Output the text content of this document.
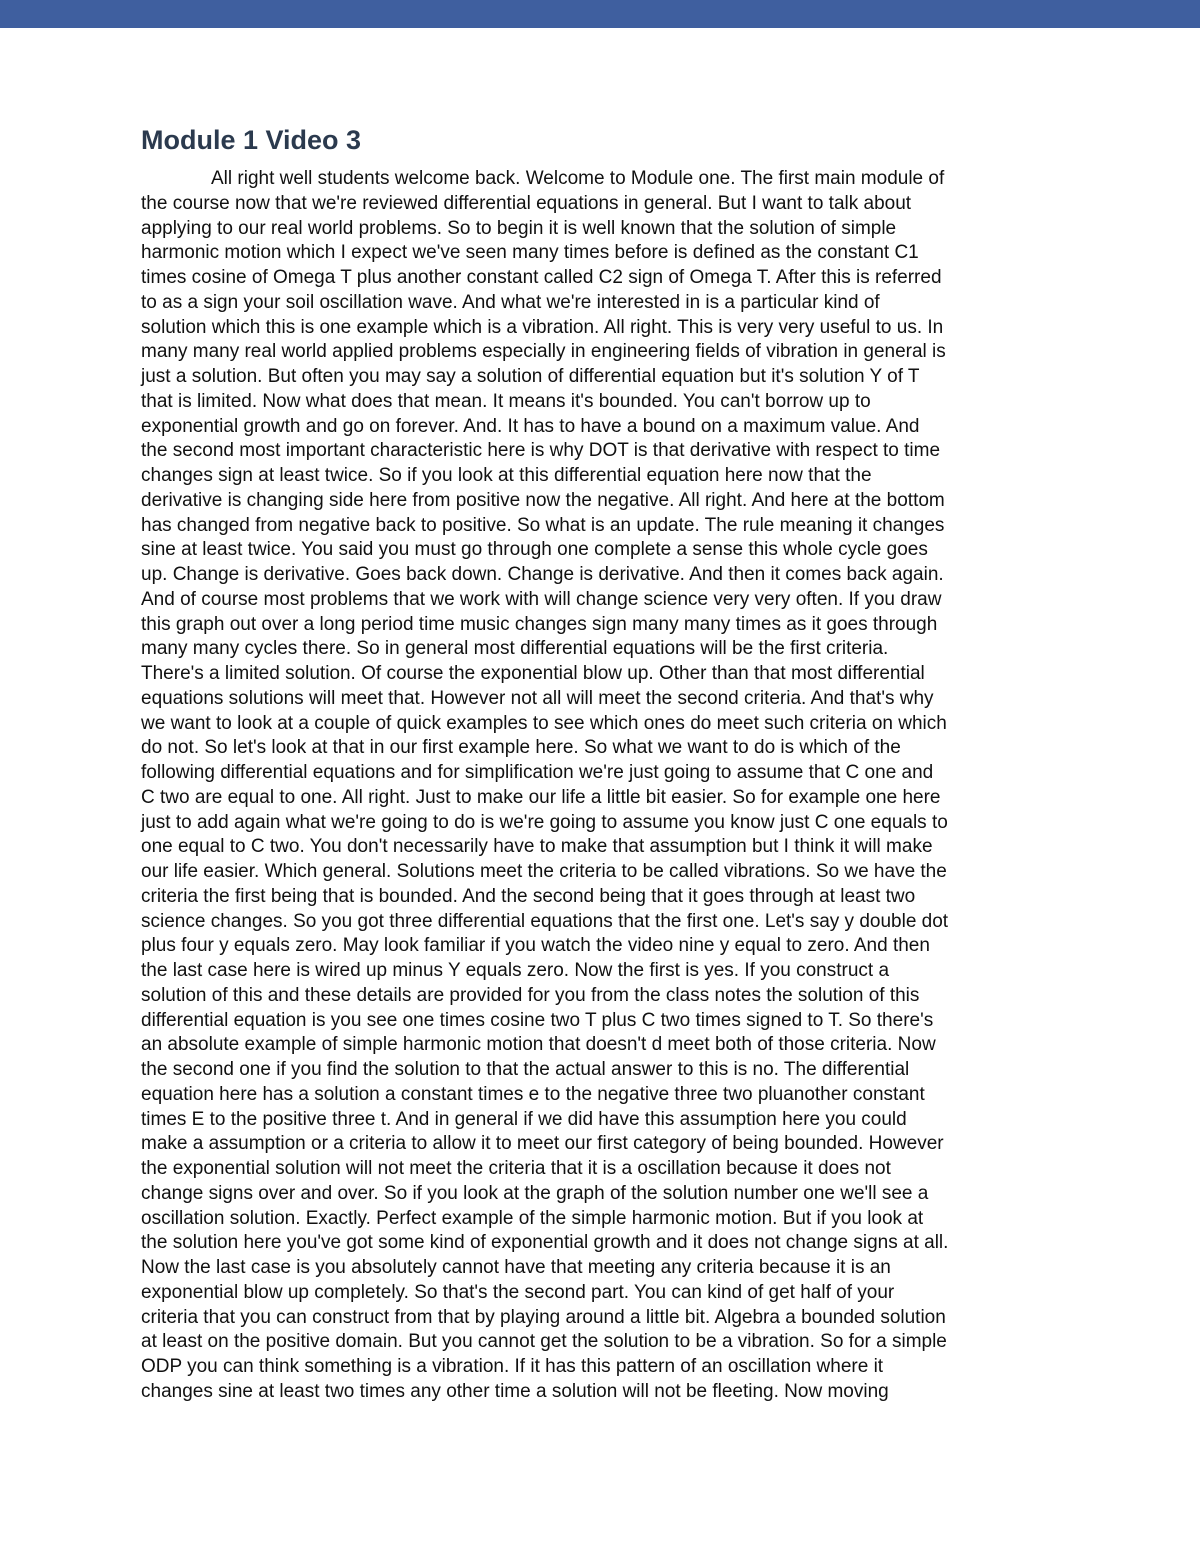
Module 1 Video 3
All right well students welcome back. Welcome to Module one. The first main module of
the course now that we're reviewed differential equations in general. But I want to talk about
applying to our real world problems. So to begin it is well known that the solution of simple
harmonic motion which I expect we've seen many times before is defined as the constant C1
times cosine of Omega T plus another constant called C2 sign of Omega T. After this is referred
to as a sign your soil oscillation wave. And what we're interested in is a particular kind of
solution which this is one example which is a vibration. All right. This is very very useful to us. In
many many real world applied problems especially in engineering fields of vibration in general is
just a solution. But often you may say a solution of differential equation but it's solution Y of T
that is limited. Now what does that mean. It means it's bounded. You can't borrow up to
exponential growth and go on forever. And. It has to have a bound on a maximum value. And
the second most important characteristic here is why DOT is that derivative with respect to time
changes sign at least twice. So if you look at this differential equation here now that the
derivative is changing side here from positive now the negative. All right. And here at the bottom
has changed from negative back to positive. So what is an update. The rule meaning it changes
sine at least twice. You said you must go through one complete a sense this whole cycle goes
up. Change is derivative. Goes back down. Change is derivative. And then it comes back again.
And of course most problems that we work with will change science very very often. If you draw
this graph out over a long period time music changes sign many many times as it goes through
many many cycles there. So in general most differential equations will be the first criteria.
There's a limited solution. Of course the exponential blow up. Other than that most differential
equations solutions will meet that. However not all will meet the second criteria. And that's why
we want to look at a couple of quick examples to see which ones do meet such criteria on which
do not. So let's look at that in our first example here. So what we want to do is which of the
following differential equations and for simplification we're just going to assume that C one and
C two are equal to one. All right. Just to make our life a little bit easier. So for example one here
just to add again what we're going to do is we're going to assume you know just C one equals to
one equal to C two. You don't necessarily have to make that assumption but I think it will make
our life easier. Which general. Solutions meet the criteria to be called vibrations. So we have the
criteria the first being that is bounded. And the second being that it goes through at least two
science changes. So you got three differential equations that the first one. Let's say y double dot
plus four y equals zero. May look familiar if you watch the video nine y equal to zero. And then
the last case here is wired up minus Y equals zero. Now the first is yes. If you construct a
solution of this and these details are provided for you from the class notes the solution of this
differential equation is you see one times cosine two T plus C two times signed to T. So there's
an absolute example of simple harmonic motion that doesn't d meet both of those criteria. Now
the second one if you find the solution to that the actual answer to this is no. The differential
equation here has a solution a constant times e to the negative three two pluanother constant
times E to the positive three t. And in general if we did have this assumption here you could
make a assumption or a criteria to allow it to meet our first category of being bounded. However
the exponential solution will not meet the criteria that it is a oscillation because it does not
change signs over and over. So if you look at the graph of the solution number one we'll see a
oscillation solution. Exactly. Perfect example of the simple harmonic motion. But if you look at
the solution here you've got some kind of exponential growth and it does not change signs at all.
Now the last case is you absolutely cannot have that meeting any criteria because it is an
exponential blow up completely. So that's the second part. You can kind of get half of your
criteria that you can construct from that by playing around a little bit. Algebra a bounded solution
at least on the positive domain. But you cannot get the solution to be a vibration. So for a simple
ODP you can think something is a vibration. If it has this pattern of an oscillation where it
changes sine at least two times any other time a solution will not be fleeting. Now moving
